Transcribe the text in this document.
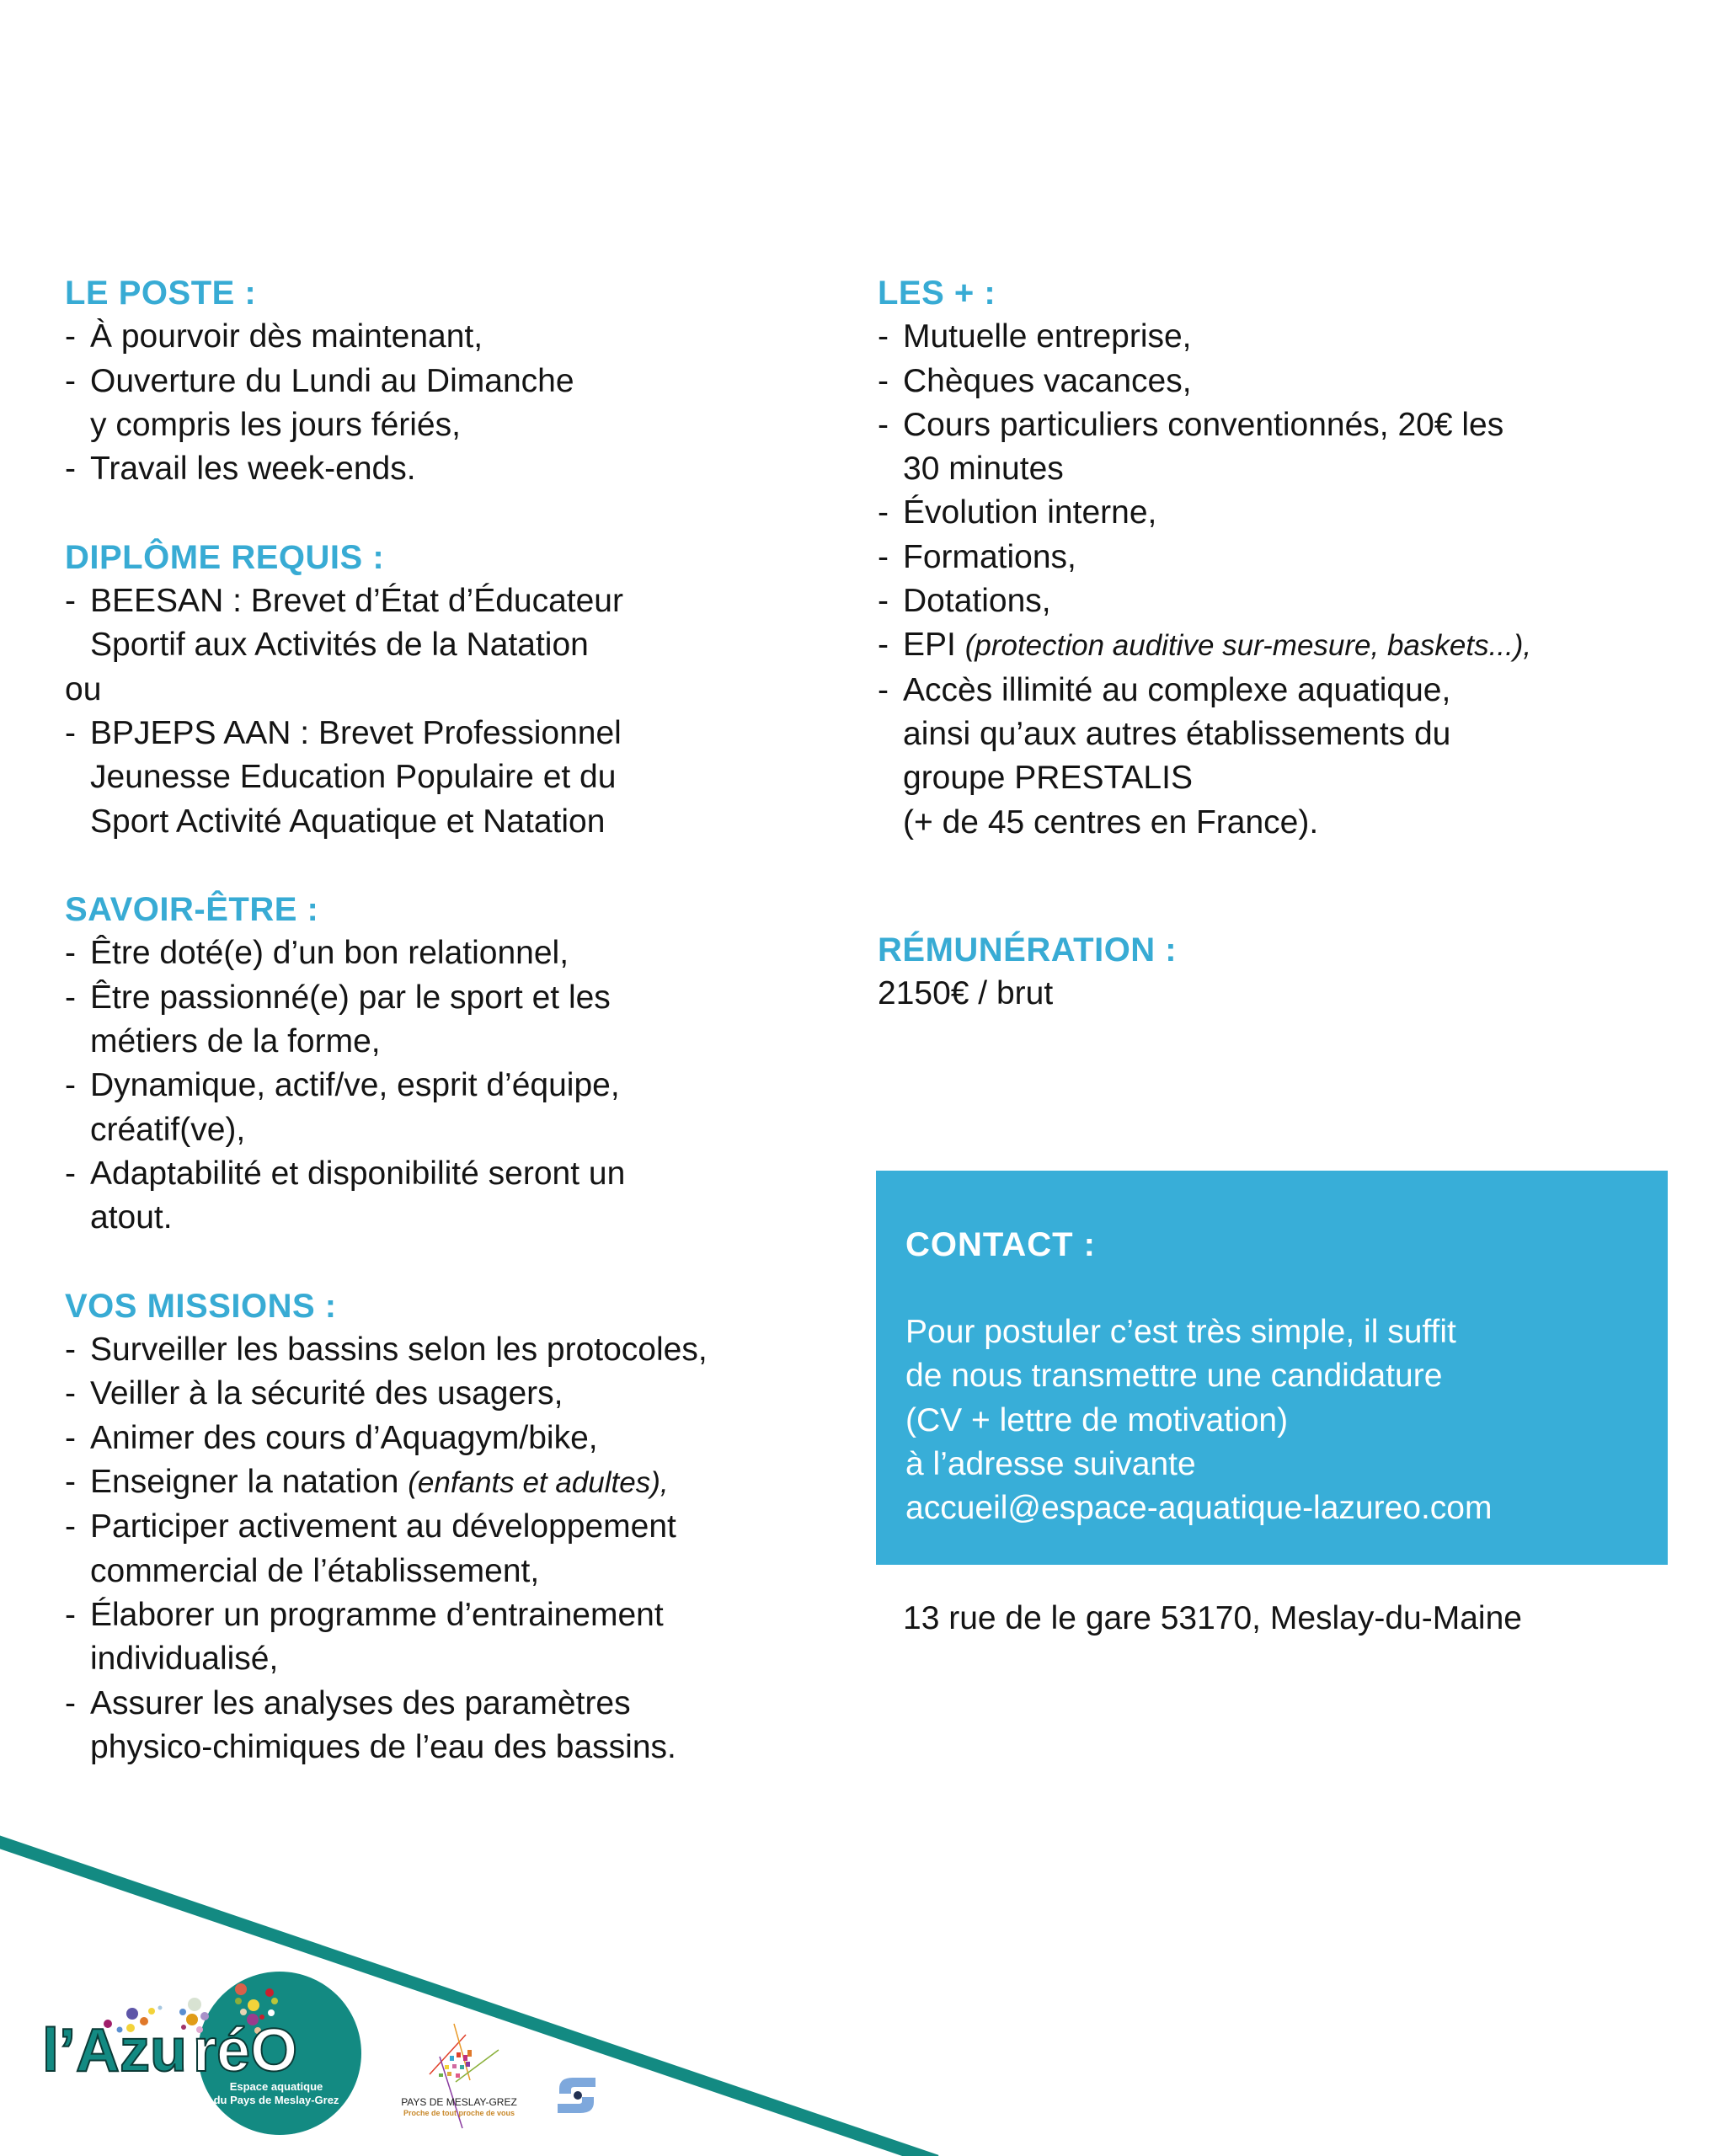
l’Azu réO
Espace aquatique
du Pays de Meslay-Grez	PAYS DE MESLAY-GREZ
Proche de tout proche de vous
LE POSTE :
- À pourvoir dès maintenant,
- Ouverture du Lundi au Dimanche
y compris les jours fériés,
- Travail les week-ends.
DIPLÔME REQUIS :
- BEESAN : Brevet d’État d’Éducateur
Sportif aux Activités de la Natation
ou
- BPJEPS AAN : Brevet Professionnel
Jeunesse Education Populaire et du
Sport Activité Aquatique et Natation
SAVOIR-ÊTRE :
- Être doté(e) d’un bon relationnel,
- Être passionné(e) par le sport et les
métiers de la forme,
- Dynamique, actif/ve, esprit d’équipe,
créatif(ve),
- Adaptabilité et disponibilité seront un
atout.
VOS MISSIONS :
- Surveiller les bassins selon les protocoles,
- Veiller à la sécurité des usagers,
- Animer des cours d’Aquagym/bike,
- Enseigner la natation (enfants et adultes),
- Participer activement au développement
commercial de l’établissement,
- Élaborer un programme d’entrainement
individualisé,
- Assurer les analyses des paramètres
physico-chimiques de l’eau des bassins.
LES + :
- Mutuelle entreprise,
- Chèques vacances,
- Cours particuliers conventionnés, 20€ les
30 minutes
- Évolution interne,
- Formations,
- Dotations,
- EPI (protection auditive sur-mesure, baskets...),
- Accès illimité au complexe aquatique,
ainsi qu’aux autres établissements du
groupe PRESTALIS
(+ de 45 centres en France).
RÉMUNÉRATION :
2150€ / brut
CONTACT :
Pour postuler c’est très simple, il suffit
de nous transmettre une candidature
(CV + lettre de motivation)
à l’adresse suivante
accueil@espace-aquatique-lazureo.com
13 rue de le gare 53170, Meslay-du-Maine
